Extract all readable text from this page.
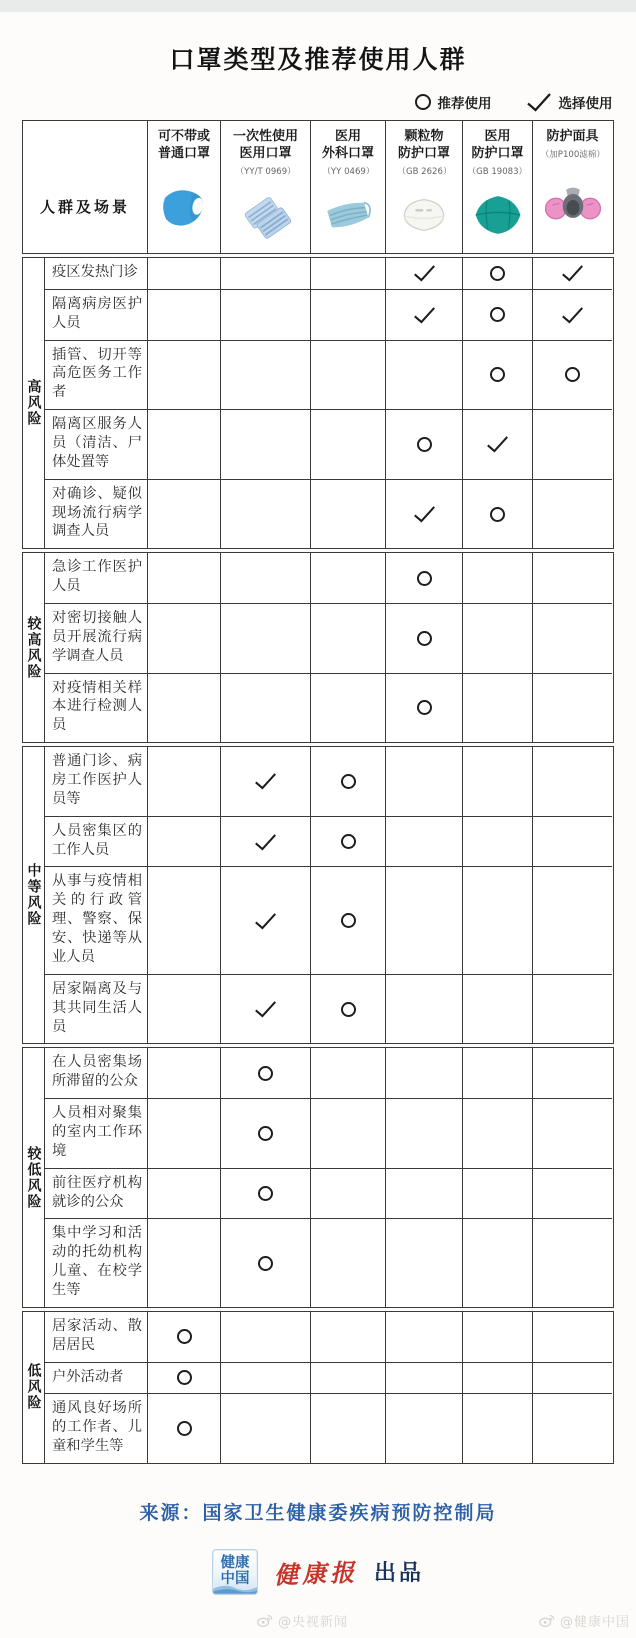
口罩类型及推荐使用人群
推荐使用	选择使用
人群及场景
可不带或
普通口罩
一次性使用
医用口罩
（YY/T 0969）
医用
外科口罩
（YY 0469）
颗粒物
防护口罩
（GB 2626）
医用
防护口罩
（GB 19083）
防护面具
（加P100滤棉）
高风险
疫区发热门诊
隔离病房医护人员
插管、切开等高危医务工作者
隔离区服务人员（清洁、尸体处置等
对确诊、疑似现场流行病学调查人员
较高风险
急诊工作医护人员
对密切接触人员开展流行病学调查人员
对疫情相关样本进行检测人员
中等风险
普通门诊、病房工作医护人员等
人员密集区的工作人员
从事与疫情相关的行政管理、警察、保安、快递等从业人员
居家隔离及与其共同生活人员
较低风险
在人员密集场所滞留的公众
人员相对聚集的室内工作环境
前往医疗机构就诊的公众
集中学习和活动的托幼机构儿童、在校学生等
低风险
居家活动、散居居民
户外活动者
通风良好场所的工作者、儿童和学生等
来源：国家卫生健康委疾病预防控制局
健康中国 健康报 出品
@央视新闻	@健康中国
